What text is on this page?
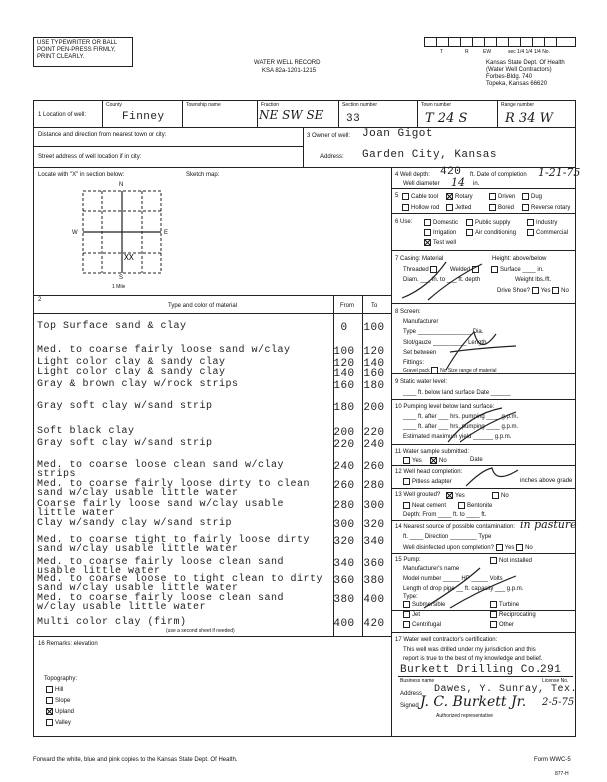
USE TYPEWRITER OR BALL POINT PEN-PRESS FIRMLY, PRINT CLEARLY.
WATER WELL RECORD
KSA 82a-1201-1215
T	R	EW	sec 1/4 1/4 1/4 No.
Kansas State Dept. Of Health
(Water Well Contractors)
Forbes-Bldg. 740
Topeka, Kansas 66620
1 Location of well:
County
Finney
Township name	Fraction
NE SW SE
Section number
33
Town number
T 24 S
Range number
R 34 W
Distance and direction from nearest town or city:
Street address of well location if in city:
3 Owner of well: Joan Gigot
Address: Garden City, Kansas
Locate with "X" in section below:	Sketch map:
N
W	E
S
1 Mile
XX
2
Type and color of material	From	To
Top Surface sand & clay	0	100
Med. to coarse fairly loose sand w/clay	100 120
Light color clay & sandy clay	120 140
Light color clay & sandy clay	140 160
Gray & brown clay w/rock strips	160 180
Gray soft clay w/sand strip	180 200
Soft black clay	200 220
Gray soft clay w/sand strip	220 240
Med. to coarse loose clean sand w/clay strips
240 260
Med. to coarse fairly loose dirty to clean sand w/clay usable little water
260 280
Coarse fairly loose sand w/clay usable little water
280 300
Clay w/sandy clay w/sand strip	300 320
Med. to coarse tight to fairly loose dirty sand w/clay usable little water
320 340
Med. to coarse fairly loose clean sand usable little water
340 360
Med. to coarse loose to tight clean to dirty sand w/clay usable little water
360 380
Med. to coarse fairly loose clean sand w/clay usable little water
380 400
Multi color clay (firm)	400 420
(use a second sheet if needed)
4 Well depth: 420 ft. Date of completion 1-21-75
Well diameter 14 in.
5	Cable tool	Rotary	Driven	Dug
Hollow rod	Jetted	Bored	Reverse rotary
6 Use:	Domestic	Public supply	Industry
Irrigation	Air conditioning	Commercial
Test well
7 Casing: Material	Height: above/below
Threaded	Welded	Surface ____ in.
Diam. ___ in. to ___ ft. depth	Weight lbs./ft.
Drive Shoe? Yes No
8 Screen:
Manufacturer
Type ________________ Dia.
Slot/gauze __________ Length
Set between
Fittings:
Gravel pack No Size range of material
9 Static water level:
____ ft. below land surface Date ______
10 Pumping level below land surface:
____ ft. after ___ hrs. pumping ____ g.p.m.
____ ft. after ___ hrs. pumping ____ g.p.m.
Estimated maximum yield ______ g.p.m.
11 Water sample submitted:
Yes	No	Date
12 Well head completion:
Pitless adapter	inches above grade
13 Well grouted?	Yes	No
Neat cement	Bentonite
Depth: From ____ ft. to ____ ft.
14 Nearest source of possible contamination: in pasture
ft. ____ Direction ________ Type
Well disinfected upon completion? Yes No
15 Pump:	Not installed
Manufacturer's name
Model number _____ HP _____ Volts
Length of drop pipe __ ft. capacity ___ g.p.m.
Type:
Submersible	Turbine
Jet	Reciprocating
Centrifugal	Other
16 Remarks: elevation
Topography:
Hill
Slope
Upland
Valley
17 Water well contractor's certification:
This well was drilled under my jurisdiction and this
report is true to the best of my knowledge and belief.
Burkett Drilling Co.
291
Business name	License No.
Address Dawes, Y. Sunray, Tex.
Signed J. C. Burkett Jr. 2-5-75
Authorized representative
Forward the white, blue and pink copies to the Kansas State Dept. Of Health.	Form WWC-5
877-H
